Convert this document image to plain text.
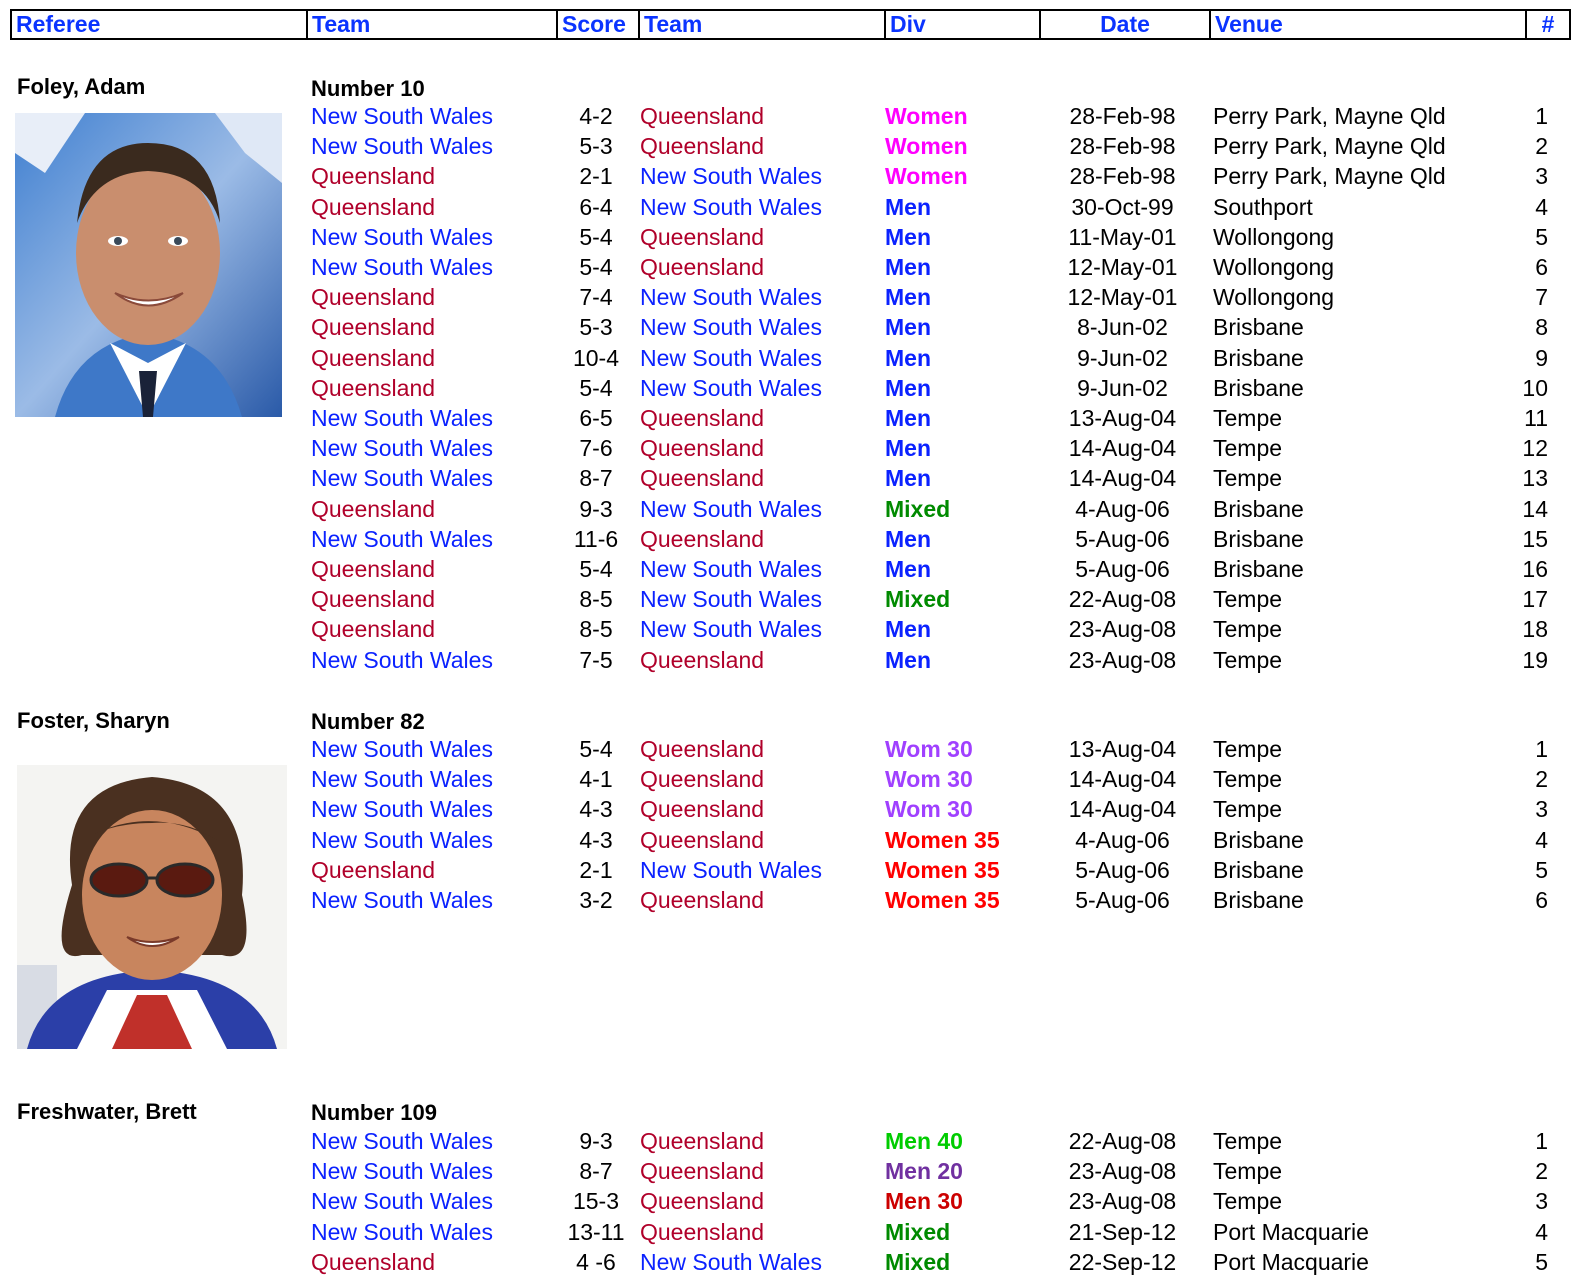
Referee	Team	Score Team	Div	Date	Venue	#
Foley, Adam	Number 10
New South Wales	4-2	Queensland	Women	28-Feb-98	Perry Park, Mayne Qld	1
New South Wales	5-3	Queensland	Women	28-Feb-98	Perry Park, Mayne Qld	2
Queensland	2-1	New South Wales	Women	28-Feb-98	Perry Park, Mayne Qld	3
Queensland	6-4	New South Wales	Men	30-Oct-99	Southport	4
New South Wales	5-4	Queensland	Men	11-May-01	Wollongong	5
New South Wales	5-4	Queensland	Men	12-May-01	Wollongong	6
Queensland	7-4	New South Wales	Men	12-May-01	Wollongong	7
Queensland	5-3	New South Wales	Men	8-Jun-02	Brisbane	8
Queensland	10-4 New South Wales	Men	9-Jun-02	Brisbane	9
Queensland	5-4	New South Wales	Men	9-Jun-02	Brisbane	10
New South Wales	6-5	Queensland	Men	13-Aug-04	Tempe	11
New South Wales	7-6	Queensland	Men	14-Aug-04	Tempe	12
New South Wales	8-7	Queensland	Men	14-Aug-04	Tempe	13
Queensland	9-3	New South Wales	Mixed	4-Aug-06	Brisbane	14
New South Wales	11-6 Queensland	Men	5-Aug-06	Brisbane	15
Queensland	5-4	New South Wales	Men	5-Aug-06	Brisbane	16
Queensland	8-5	New South Wales	Mixed	22-Aug-08	Tempe	17
Queensland	8-5	New South Wales	Men	23-Aug-08	Tempe	18
New South Wales	7-5	Queensland	Men	23-Aug-08	Tempe	19
Foster, Sharyn	Number 82
New South Wales	5-4	Queensland	Wom 30	13-Aug-04	Tempe	1
New South Wales	4-1	Queensland	Wom 30	14-Aug-04	Tempe	2
New South Wales	4-3	Queensland	Wom 30	14-Aug-04	Tempe	3
New South Wales	4-3	Queensland	Women 35	4-Aug-06	Brisbane	4
Queensland	2-1	New South Wales	Women 35	5-Aug-06	Brisbane	5
New South Wales	3-2	Queensland	Women 35	5-Aug-06	Brisbane	6
Freshwater, Brett	Number 109
New South Wales	9-3	Queensland	Men 40	22-Aug-08	Tempe	1
New South Wales	8-7	Queensland	Men 20	23-Aug-08	Tempe	2
New South Wales	15-3 Queensland	Men 30	23-Aug-08	Tempe	3
New South Wales	13-11 Queensland	Mixed	21-Sep-12	Port Macquarie	4
Queensland	4 -6	New South Wales	Mixed	22-Sep-12	Port Macquarie	5
